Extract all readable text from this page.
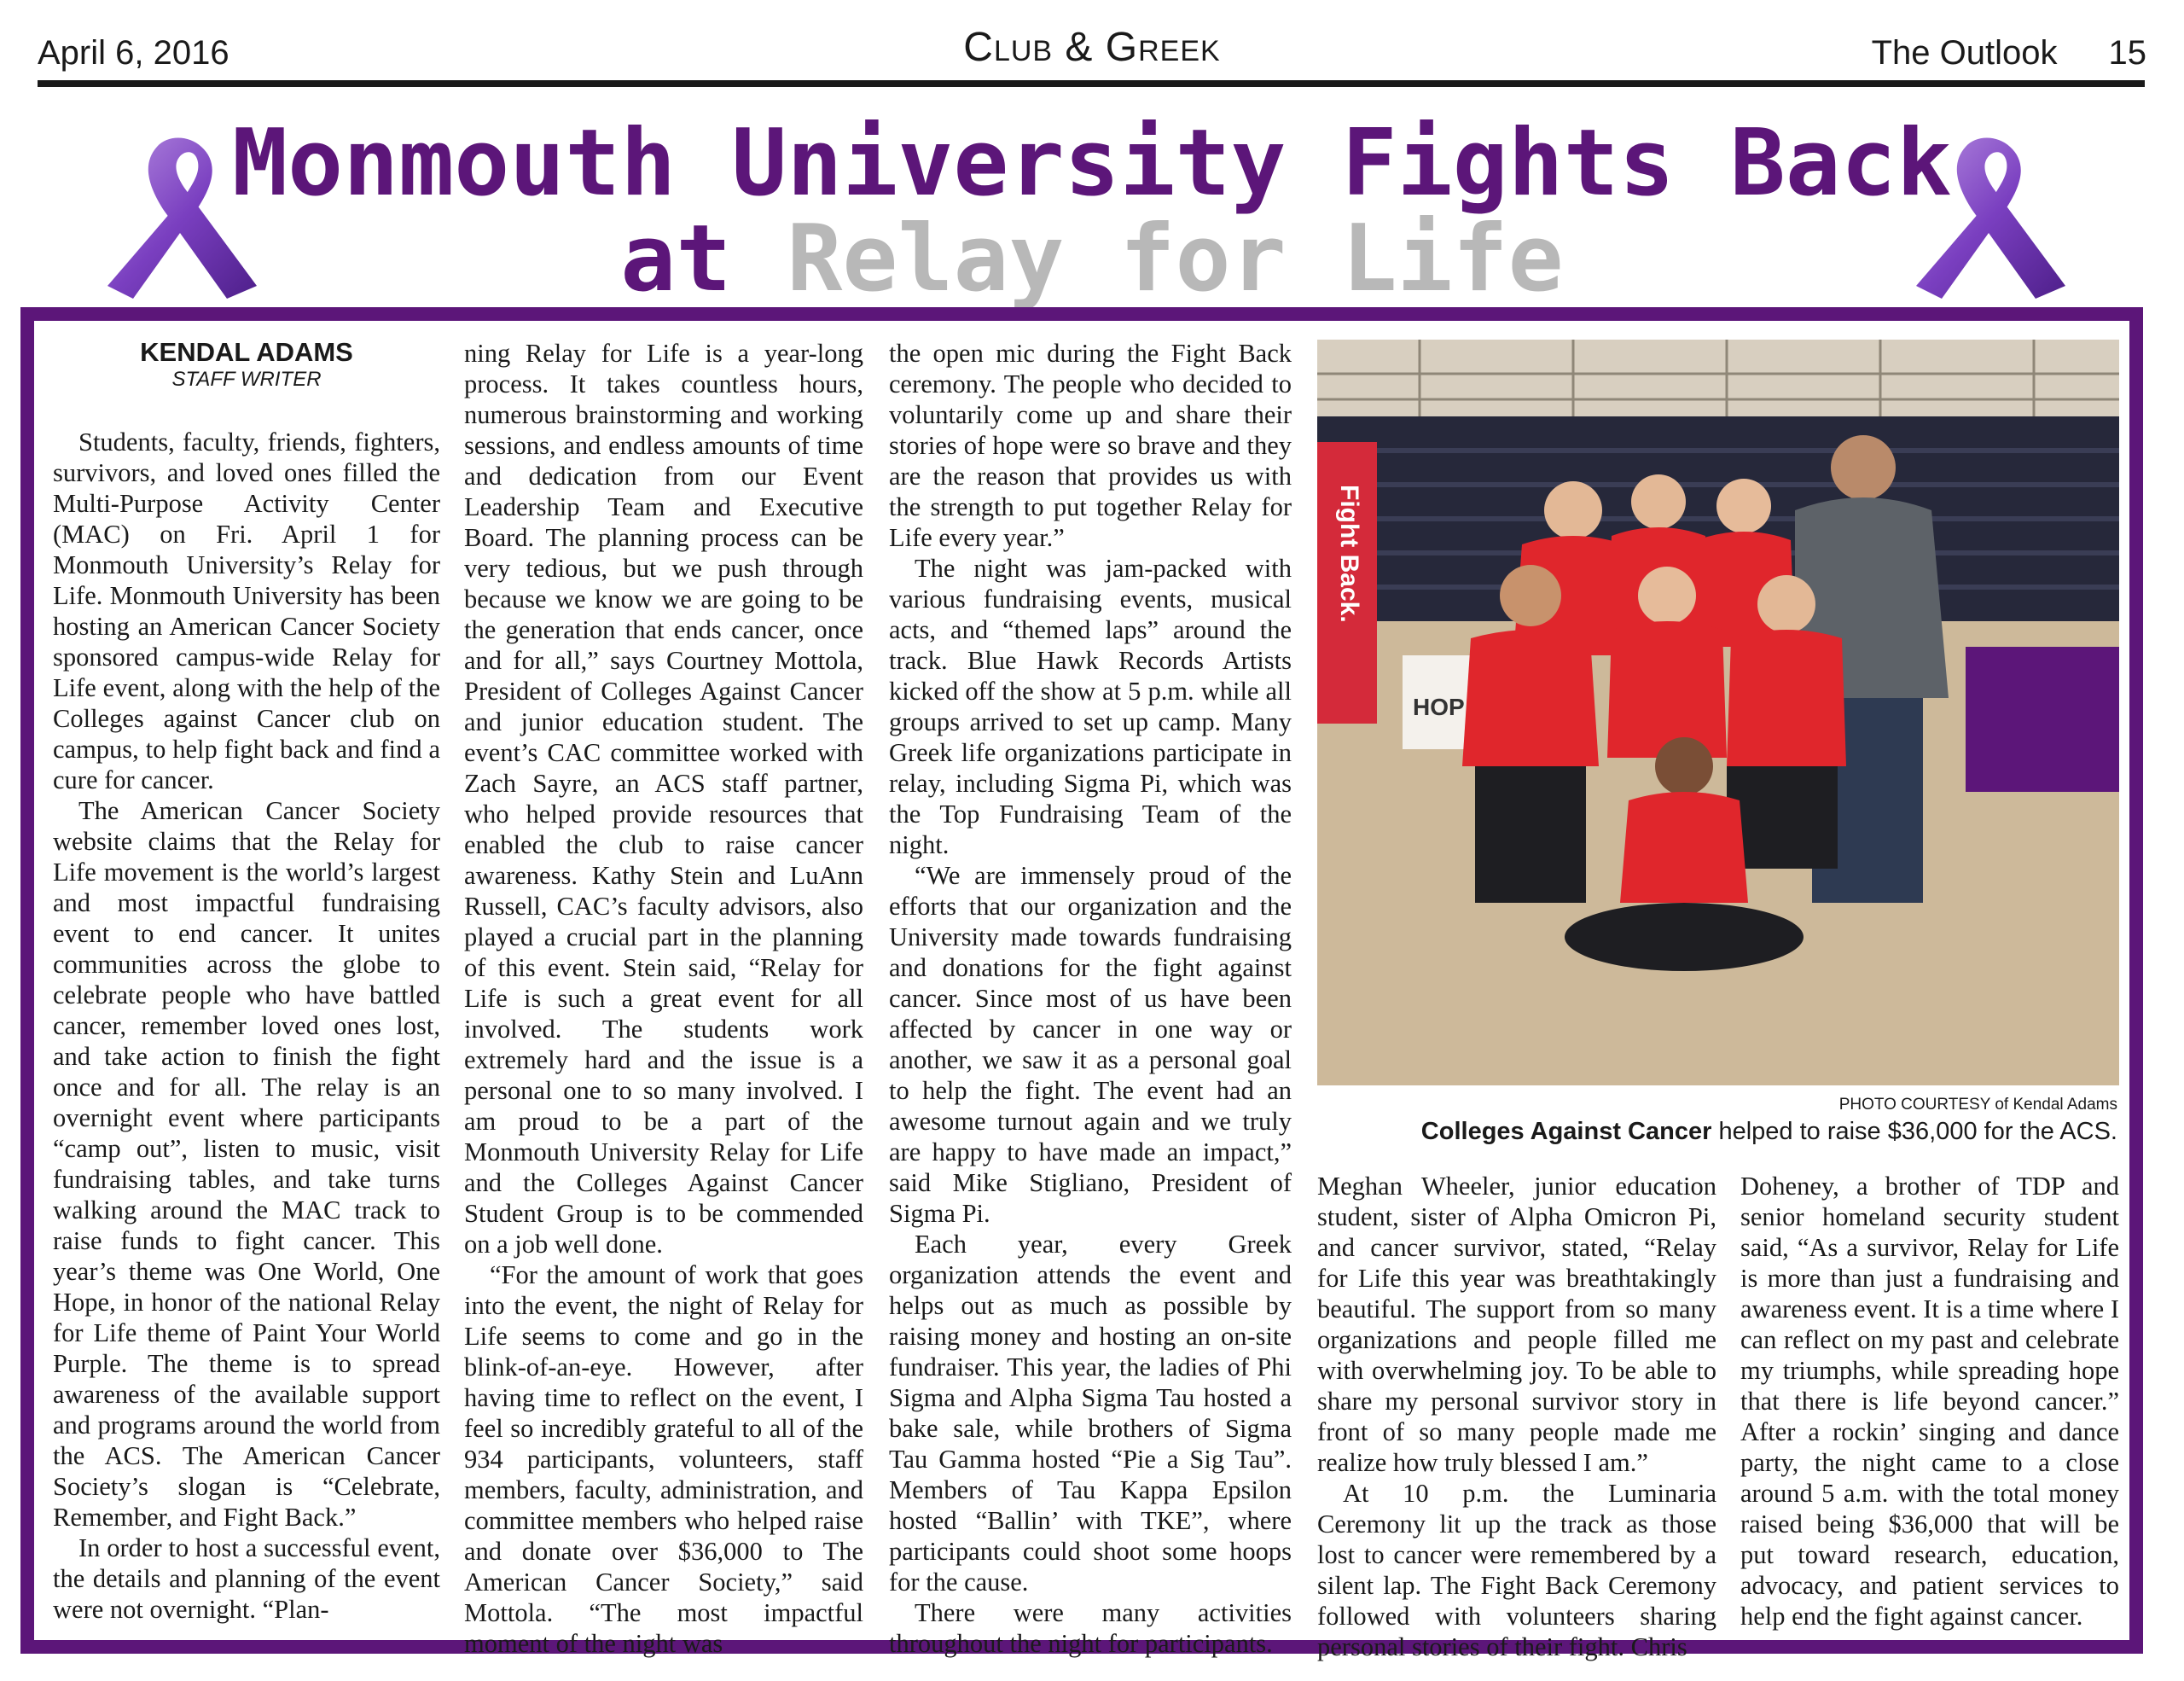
April 6, 2016	Club & Greek	The Outlook 15
Monmouth University Fights Back
at Relay for Life
KENDAL ADAMS
STAFF WRITER

Students, faculty, friends, fighters, survivors, and loved ones filled the Multi-Purpose Activity Center (MAC) on Fri. April 1 for Monmouth University’s Relay for Life. Monmouth University has been hosting an American Cancer Society sponsored campus-wide Relay for Life event, along with the help of the Colleges against Cancer club on campus, to help fight back and find a cure for cancer.

The American Cancer Society website claims that the Relay for Life movement is the world’s largest and most impactful fundraising event to end cancer. It unites communities across the globe to celebrate people who have battled cancer, remember loved ones lost, and take action to finish the fight once and for all. The relay is an overnight event where participants “camp out”, listen to music, visit fundraising tables, and take turns walking around the MAC track to raise funds to fight cancer. This year’s theme was One World, One Hope, in honor of the national Relay for Life theme of Paint Your World Purple. The theme is to spread awareness of the available support and programs around the world from the ACS. The American Cancer Society’s slogan is “Celebrate, Remember, and Fight Back.”

In order to host a successful event, the details and planning of the event were not overnight. “Plan-

ning Relay for Life is a year-long process. It takes countless hours, numerous brainstorming and working sessions, and endless amounts of time and dedication from our Event Leadership Team and Executive Board. The planning process can be very tedious, but we push through because we know we are going to be the generation that ends cancer, once and for all,” says Courtney Mottola, President of Colleges Against Cancer and junior education student. The event’s CAC committee worked with Zach Sayre, an ACS staff partner, who helped provide resources that enabled the club to raise cancer awareness. Kathy Stein and LuAnn Russell, CAC’s faculty advisors, also played a crucial part in the planning of this event. Stein said, “Relay for Life is such a great event for all involved. The students work extremely hard and the issue is a personal one to so many involved. I am proud to be a part of the Monmouth University Relay for Life and the Colleges Against Cancer Student Group is to be commended on a job well done.

“For the amount of work that goes into the event, the night of Relay for Life seems to come and go in the blink-of-an-eye. However, after having time to reflect on the event, I feel so incredibly grateful to all of the 934 participants, volunteers, staff members, faculty, administration, and committee members who helped raise and donate over $36,000 to The American Cancer Society,” said Mottola. “The most impactful moment of the night was

the open mic during the Fight Back ceremony. The people who decided to voluntarily come up and share their stories of hope were so brave and they are the reason that provides us with the strength to put together Relay for Life every year.”

The night was jam-packed with various fundraising events, musical acts, and “themed laps” around the track. Blue Hawk Records Artists kicked off the show at 5 p.m. while all groups arrived to set up camp. Many Greek life organizations participate in relay, including Sigma Pi, which was the Top Fundraising Team of the night.

“We are immensely proud of the efforts that our organization and the University made towards fundraising and donations for the fight against cancer. Since most of us have been affected by cancer in one way or another, we saw it as a personal goal to help the fight. The event had an awesome turnout again and we truly are happy to have made an impact,” said Mike Stigliano, President of Sigma Pi.

Each year, every Greek organization attends the event and helps out as much as possible by raising money and hosting an on-site fundraiser. This year, the ladies of Phi Sigma and Alpha Sigma Tau hosted a bake sale, while brothers of Sigma Tau Gamma hosted “Pie a Sig Tau”. Members of Tau Kappa Epsilon hosted “Ballin’ with TKE”, where participants could shoot some hoops for the cause.

There were many activities throughout the night for participants.

Fight Back.
HOP
PHOTO COURTESY of Kendal Adams
Colleges Against Cancer helped to raise $36,000 for the ACS.

Meghan Wheeler, junior education student, sister of Alpha Omicron Pi, and cancer survivor, stated, “Relay for Life this year was breathtakingly beautiful. The support from so many organizations and people filled me with overwhelming joy. To be able to share my personal survivor story in front of so many people made me realize how truly blessed I am.”

At 10 p.m. the Luminaria Ceremony lit up the track as those lost to cancer were remembered by a silent lap. The Fight Back Ceremony followed with volunteers sharing personal stories of their fight. Chris

Doheney, a brother of TDP and senior homeland security student said, “As a survivor, Relay for Life is more than just a fundraising and awareness event. It is a time where I can reflect on my past and celebrate my triumphs, while spreading hope that there is life beyond cancer.” After a rockin’ singing and dance party, the night came to a close around 5 a.m. with the total money raised being $36,000 that will be put toward research, education, advocacy, and patient services to help end the fight against cancer.
